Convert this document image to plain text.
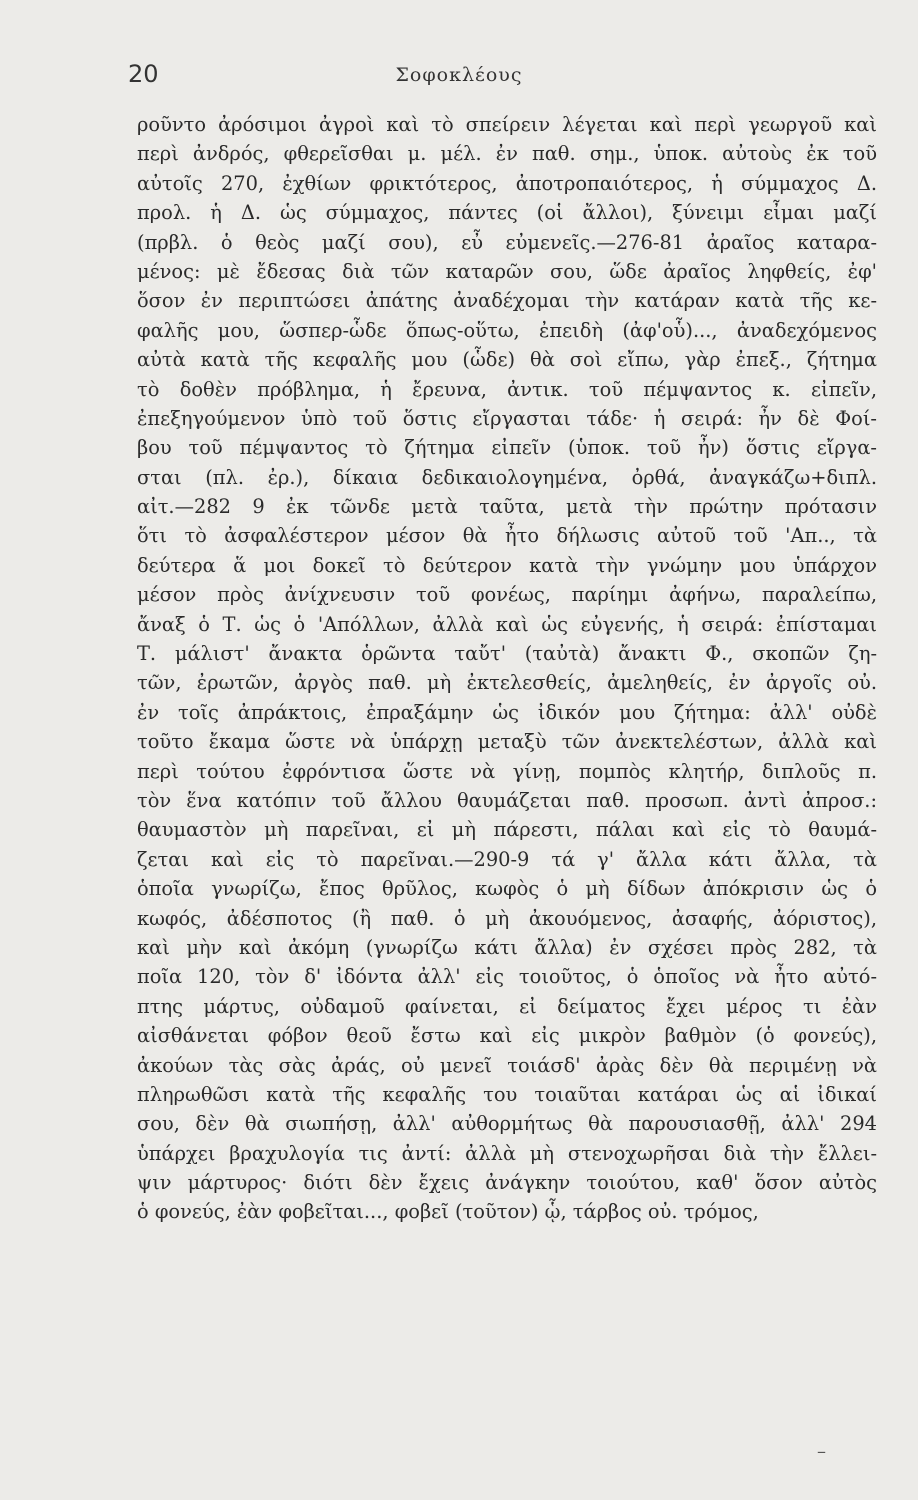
20	Σοφοκλέους
ροῦντο ἀρόσιμοι ἀγροὶ καὶ τὸ σπείρειν λέγεται καὶ περὶ γεωργοῦ καὶ
περὶ ἀνδρός, φθερεῖσθαι μ. μέλ. ἐν παθ. σημ., ὑποκ. αὐτοὺς ἐκ τοῦ
αὐτοῖς 270, ἐχθίων φρικτότερος, ἀποτροπαιότερος, ἡ σύμμαχος Δ.
προλ. ἡ Δ. ὡς σύμμαχος, πάντες (οἱ ἄλλοι), ξύνειμι εἶμαι μαζί
(πρβλ. ὁ θεὸς μαζί σου), εὖ εὐμενεῖς.—276-81 ἀραῖος καταρα-
μένος: μὲ ἔδεσας διὰ τῶν καταρῶν σου, ὥδε ἀραῖος ληφθείς, ἐφ'
ὅσον ἐν περιπτώσει ἀπάτης ἀναδέχομαι τὴν κατάραν κατὰ τῆς κε-
φαλῆς μου, ὥσπερ-ὧδε ὅπως-οὕτω, ἐπειδὴ (ἀφ'οὗ)..., ἀναδεχόμενος
αὐτὰ κατὰ τῆς κεφαλῆς μου (ὧδε) θὰ σοὶ εἴπω, γὰρ ἐπεξ., ζήτημα
τὸ δοθὲν πρόβλημα, ἡ ἔρευνα, ἀντικ. τοῦ πέμψαντος κ. εἰπεῖν,
ἐπεξηγούμενον ὑπὸ τοῦ ὅστις εἴργασται τάδε· ἡ σειρά: ἦν δὲ Φοί-
βου τοῦ πέμψαντος τὸ ζήτημα εἰπεῖν (ὑποκ. τοῦ ἦν) ὅστις εἴργα-
σται (πλ. ἐρ.), δίκαια δεδικαιολογημένα, ὀρθά, ἀναγκάζω+διπλ.
αἰτ.—282 9 ἐκ τῶνδε μετὰ ταῦτα, μετὰ τὴν πρώτην πρότασιν
ὅτι τὸ ἀσφαλέστερον μέσον θὰ ἦτο δήλωσις αὐτοῦ τοῦ 'Απ.., τὰ
δεύτερα ἅ μοι δοκεῖ τὸ δεύτερον κατὰ τὴν γνώμην μου ὑπάρχον
μέσον πρὸς ἀνίχνευσιν τοῦ φονέως, παρίημι ἀφήνω, παραλείπω,
ἄναξ ὁ Τ. ὡς ὁ 'Απόλλων, ἀλλὰ καὶ ὡς εὐγενής, ἡ σειρά: ἐπίσταμαι
Τ. μάλιστ' ἄνακτα ὁρῶντα ταὔτ' (ταὐτὰ) ἄνακτι Φ., σκοπῶν ζη-
τῶν, ἐρωτῶν, ἀργὸς παθ. μὴ ἐκτελεσθείς, ἀμεληθείς, ἐν ἀργοῖς οὐ.
ἐν τοῖς ἀπράκτοις, ἐπραξάμην ὡς ἰδικόν μου ζήτημα: ἀλλ' οὐδὲ
τοῦτο ἔκαμα ὥστε νὰ ὑπάρχῃ μεταξὺ τῶν ἀνεκτελέστων, ἀλλὰ καὶ
περὶ τούτου ἐφρόντισα ὥστε νὰ γίνῃ, πομπὸς κλητήρ, διπλοῦς π.
τὸν ἕνα κατόπιν τοῦ ἄλλου θαυμάζεται παθ. προσωπ. ἀντὶ ἀπροσ.:
θαυμαστὸν μὴ παρεῖναι, εἰ μὴ πάρεστι, πάλαι καὶ εἰς τὸ θαυμά-
ζεται καὶ εἰς τὸ παρεῖναι.—290-9 τά γ' ἄλλα κάτι ἄλλα, τὰ
ὁποῖα γνωρίζω, ἔπος θρῦλος, κωφὸς ὁ μὴ δίδων ἀπόκρισιν ὡς ὁ
κωφός, ἀδέσποτος (ἢ παθ. ὁ μὴ ἀκουόμενος, ἀσαφής, ἀόριστος),
καὶ μὴν καὶ ἀκόμη (γνωρίζω κάτι ἄλλα) ἐν σχέσει πρὸς 282, τὰ
ποῖα 120, τὸν δ' ἰδόντα ἀλλ' εἰς τοιοῦτος, ὁ ὁποῖος νὰ ἦτο αὐτό-
πτης μάρτυς, οὐδαμοῦ φαίνεται, εἰ δείματος ἔχει μέρος τι ἐὰν
αἰσθάνεται φόβον θεοῦ ἔστω καὶ εἰς μικρὸν βαθμὸν (ὁ φονεύς),
ἀκούων τὰς σὰς ἀράς, οὐ μενεῖ τοιάσδ' ἀρὰς δὲν θὰ περιμένῃ νὰ
πληρωθῶσι κατὰ τῆς κεφαλῆς του τοιαῦται κατάραι ὡς αἱ ἰδικαί
σου, δὲν θὰ σιωπήσῃ, ἀλλ' αὐθορμήτως θὰ παρουσιασθῇ, ἀλλ' 294
ὑπάρχει βραχυλογία τις ἀντί: ἀλλὰ μὴ στενοχωρῆσαι διὰ τὴν ἔλλει-
ψιν μάρτυρος· διότι δὲν ἔχεις ἀνάγκην τοιούτου, καθ' ὅσον αὐτὸς
ὁ φονεύς, ἐὰν φοβεῖται..., φοβεῖ (τοῦτον) ᾧ, τάρβος οὐ. τρόμος,
–
